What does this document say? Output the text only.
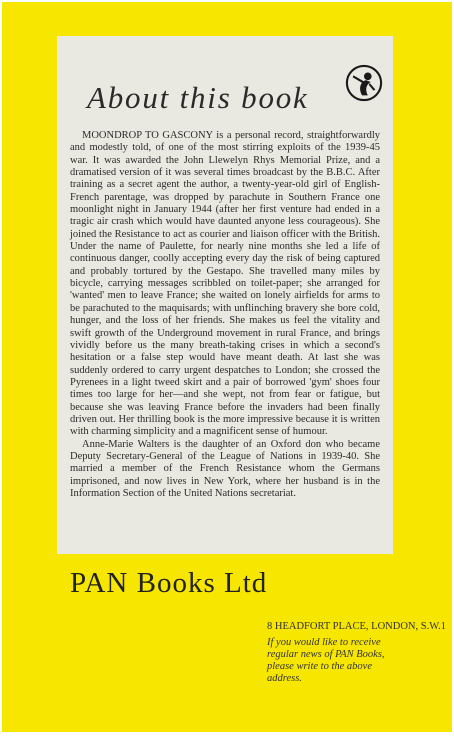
About this book

MOONDROP TO GASCONY is a personal record, straightforwardly and modestly told, of one of the most stirring exploits of the 1939-45 war. It was awarded the John Llewelyn Rhys Memorial Prize, and a dramatised version of it was several times broadcast by the B.B.C. After training as a secret agent the author, a twenty-year-old girl of English-French parentage, was dropped by parachute in Southern France one moonlight night in January 1944 (after her first venture had ended in a tragic air crash which would have daunted anyone less courageous). She joined the Resistance to act as courier and liaison officer with the British. Under the name of Paulette, for nearly nine months she led a life of continuous danger, coolly accepting every day the risk of being captured and probably tortured by the Gestapo. She travelled many miles by bicycle, carrying messages scribbled on toilet-paper; she arranged for 'wanted' men to leave France; she waited on lonely airfields for arms to be parachuted to the maquisards; with unflinching bravery she bore cold, hunger, and the loss of her friends. She makes us feel the vitality and swift growth of the Underground movement in rural France, and brings vividly before us the many breath-taking crises in which a second's hesitation or a false step would have meant death. At last she was suddenly ordered to carry urgent despatches to London; she crossed the Pyrenees in a light tweed skirt and a pair of borrowed 'gym' shoes four times too large for her—and she wept, not from fear or fatigue, but because she was leaving France before the invaders had been finally driven out. Her thrilling book is the more impressive because it is written with charming simplicity and a magnificent sense of humour.

Anne-Marie Walters is the daughter of an Oxford don who became Deputy Secretary-General of the League of Nations in 1939-40. She married a member of the French Resistance whom the Germans imprisoned, and now lives in New York, where her husband is in the Information Section of the United Nations secretariat.

PAN Books Ltd
8 HEADFORT PLACE, LONDON, S.W.1
If you would like to receive regular news of PAN Books, please write to the above address.
